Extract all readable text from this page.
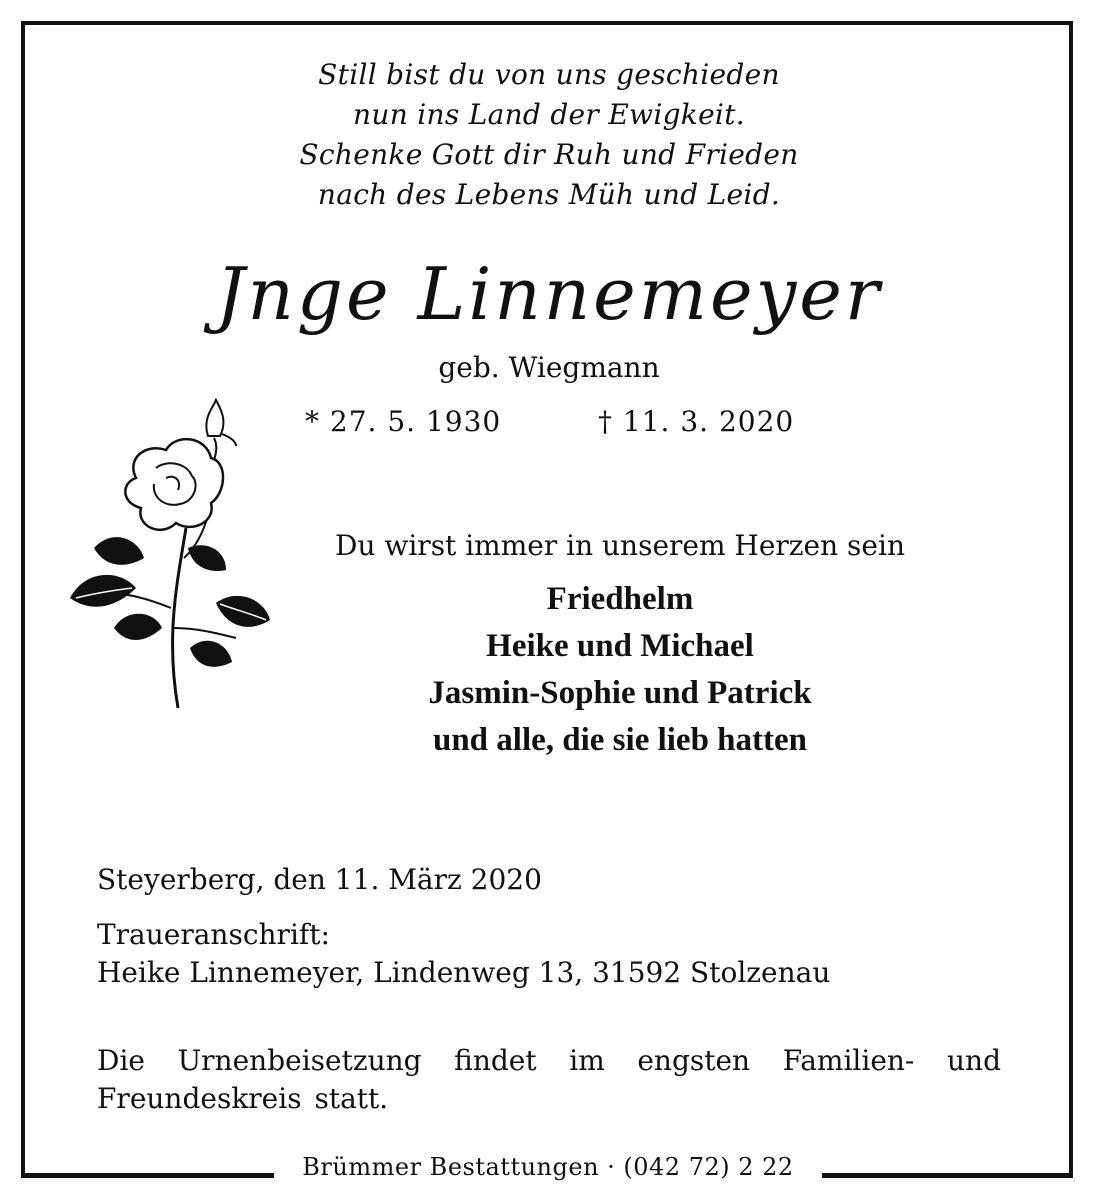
Still bist du von uns geschieden
nun ins Land der Ewigkeit.
Schenke Gott dir Ruh und Frieden
nach des Lebens Müh und Leid.
Jnge Linnemeyer
geb. Wiegmann
* 27. 5. 1930	† 11. 3. 2020
Du wirst immer in unserem Herzen sein
Friedhelm
Heike und Michael
Jasmin-Sophie und Patrick
und alle, die sie lieb hatten
Steyerberg, den 11. März 2020
Traueranschrift:
Heike Linnemeyer, Lindenweg 13, 31592 Stolzenau
Die Urnenbeisetzung findet im engsten Familien- und Freundeskreis statt.
Brümmer Bestattungen · (042 72) 2 22
